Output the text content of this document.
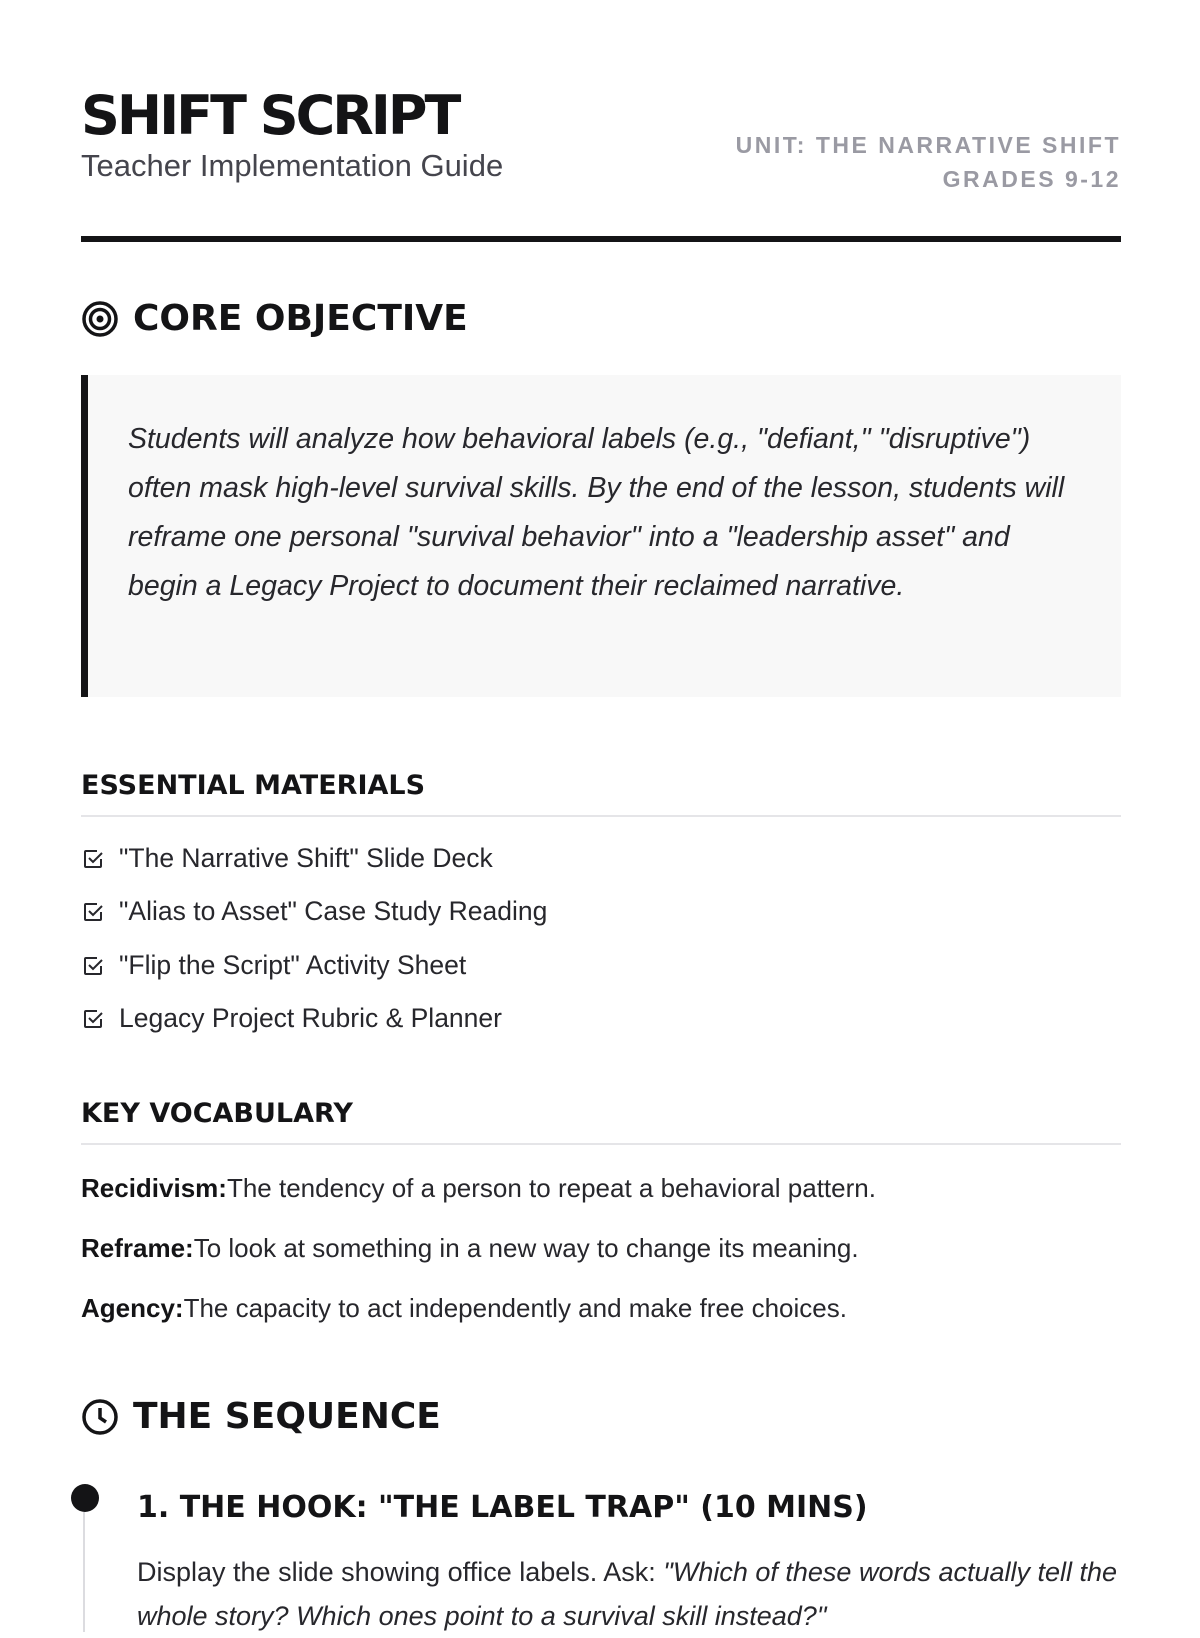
SHIFT SCRIPT
Teacher Implementation Guide
UNIT: THE NARRATIVE SHIFT
GRADES 9-12
CORE OBJECTIVE
Students will analyze how behavioral labels (e.g., "defiant," "disruptive") often mask high-level survival skills. By the end of the lesson, students will reframe one personal "survival behavior" into a "leadership asset" and begin a Legacy Project to document their reclaimed narrative.
ESSENTIAL MATERIALS
"The Narrative Shift" Slide Deck
"Alias to Asset" Case Study Reading
"Flip the Script" Activity Sheet
Legacy Project Rubric & Planner
KEY VOCABULARY
Recidivism:The tendency of a person to repeat a behavioral pattern.
Reframe:To look at something in a new way to change its meaning.
Agency:The capacity to act independently and make free choices.
THE SEQUENCE
1. THE HOOK: "THE LABEL TRAP" (10 MINS)
Display the slide showing office labels. Ask: "Which of these words actually tell the whole story? Which ones point to a survival skill instead?"
